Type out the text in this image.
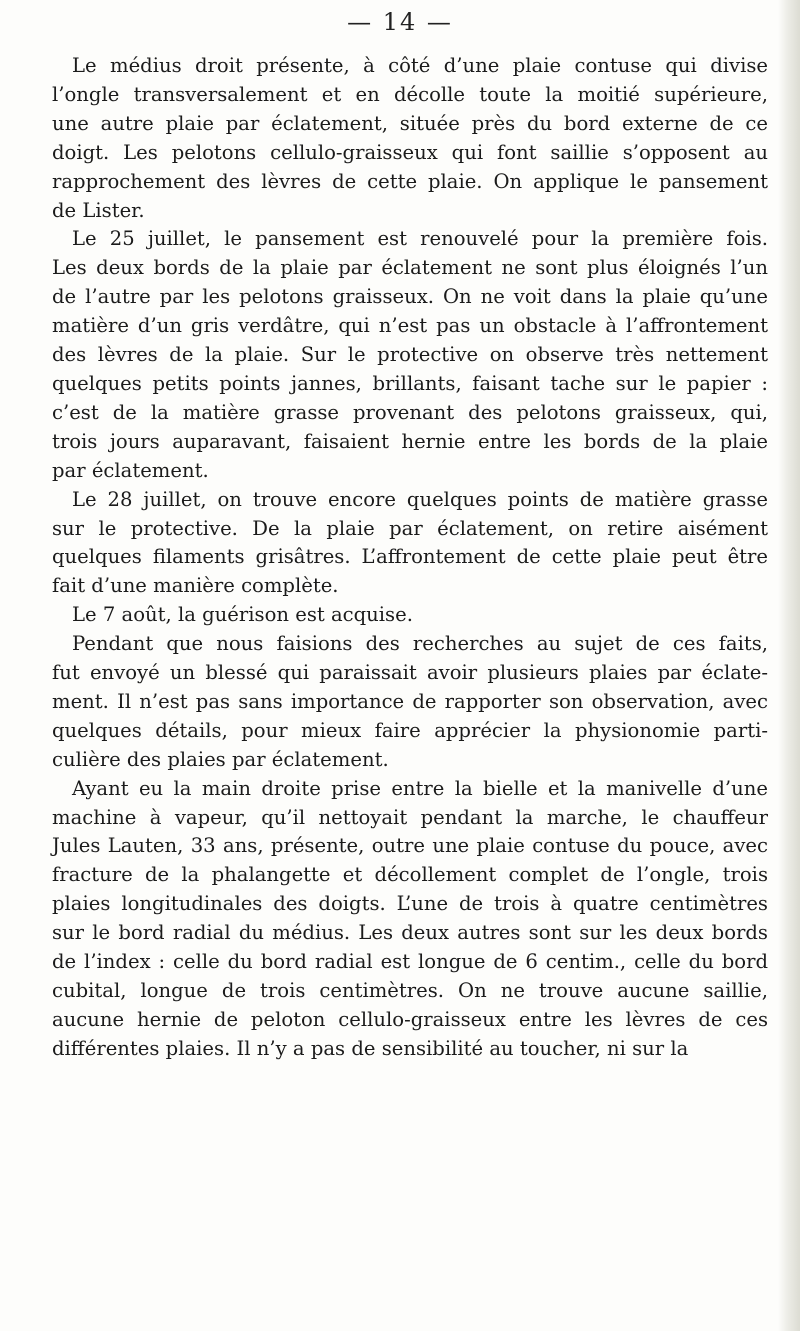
— 14 —
Le médius droit présente, à côté d’une plaie contuse qui divise
l’ongle transversalement et en décolle toute la moitié supérieure,
une autre plaie par éclatement, située près du bord externe de ce
doigt. Les pelotons cellulo-graisseux qui font saillie s’opposent au
rapprochement des lèvres de cette plaie. On applique le pansement
de Lister.
Le 25 juillet, le pansement est renouvelé pour la première fois.
Les deux bords de la plaie par éclatement ne sont plus éloignés l’un
de l’autre par les pelotons graisseux. On ne voit dans la plaie qu’une
matière d’un gris verdâtre, qui n’est pas un obstacle à l’affrontement
des lèvres de la plaie. Sur le protective on observe très nettement
quelques petits points jannes, brillants, faisant tache sur le papier :
c’est de la matière grasse provenant des pelotons graisseux, qui,
trois jours auparavant, faisaient hernie entre les bords de la plaie
par éclatement.
Le 28 juillet, on trouve encore quelques points de matière grasse
sur le protective. De la plaie par éclatement, on retire aisément
quelques filaments grisâtres. L’affrontement de cette plaie peut être
fait d’une manière complète.
Le 7 août, la guérison est acquise.
Pendant que nous faisions des recherches au sujet de ces faits,
fut envoyé un blessé qui paraissait avoir plusieurs plaies par éclate-
ment. Il n’est pas sans importance de rapporter son observation, avec
quelques détails, pour mieux faire apprécier la physionomie parti-
culière des plaies par éclatement.
Ayant eu la main droite prise entre la bielle et la manivelle d’une
machine à vapeur, qu’il nettoyait pendant la marche, le chauffeur
Jules Lauten, 33 ans, présente, outre une plaie contuse du pouce, avec
fracture de la phalangette et décollement complet de l’ongle, trois
plaies longitudinales des doigts. L’une de trois à quatre centimètres
sur le bord radial du médius. Les deux autres sont sur les deux bords
de l’index : celle du bord radial est longue de 6 centim., celle du bord
cubital, longue de trois centimètres. On ne trouve aucune saillie,
aucune hernie de peloton cellulo-graisseux entre les lèvres de ces
différentes plaies. Il n’y a pas de sensibilité au toucher, ni sur la
